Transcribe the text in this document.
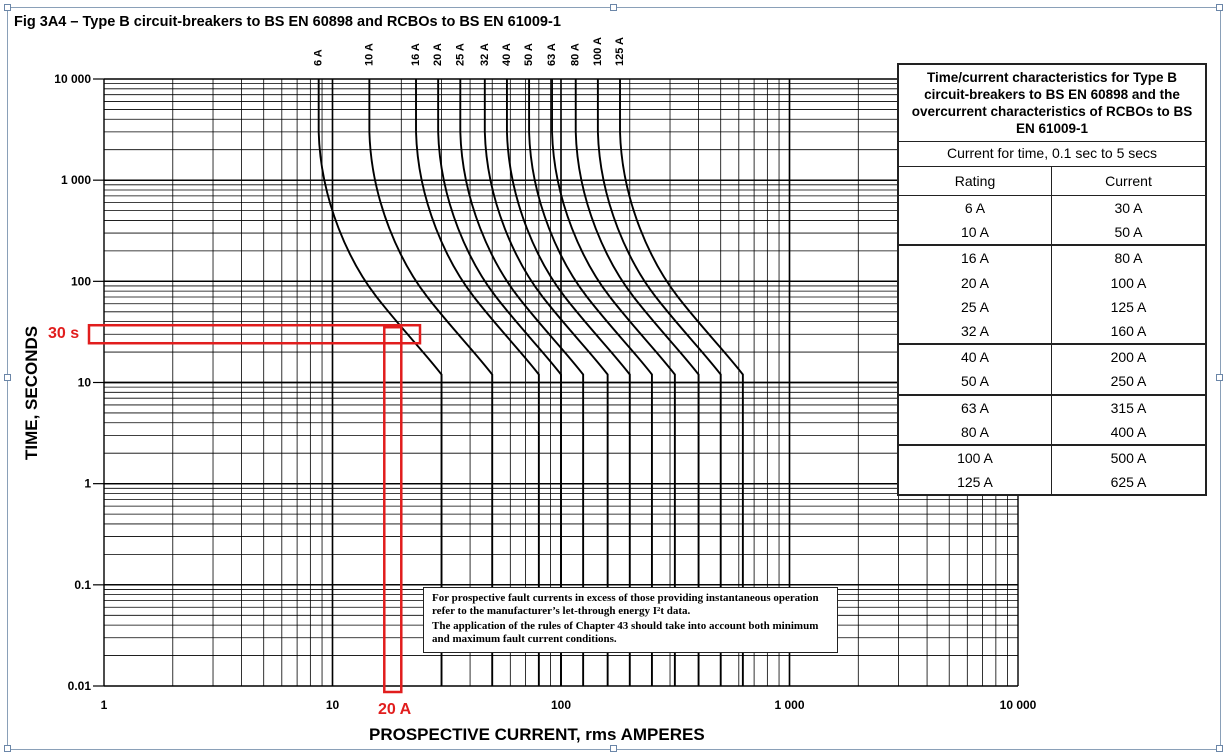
Fig 3A4 – Type B circuit-breakers to BS EN 60898 and RCBOs to BS EN 61009-1
0.01
0.1
1
10
100
1 000
10 000
1	10	100	1 000	10 000
6 A	10 A	16 A 20 A 25 A 32 A 40 A 50 A 63 A 80 A 100 A 125 A
TIME, SECONDS
PROSPECTIVE CURRENT, rms AMPERES
30 s
20 A
Time/current characteristics for Type B circuit-breakers to BS EN 60898 and the overcurrent characteristics of RCBOs to BS EN 61009-1
Current for time, 0.1 sec to 5 secs
Rating	Current
6 A	30 A
10 A	50 A
16 A	80 A
20 A	100 A
25 A	125 A
32 A	160 A
40 A	200 A
50 A	250 A
63 A	315 A
80 A	400 A
100 A	500 A
125 A	625 A

For prospective fault currents in excess of those providing instantaneous operation refer to the manufacturer’s let-through energy I²t data.

The application of the rules of Chapter 43 should take into account both minimum and maximum fault current conditions.
